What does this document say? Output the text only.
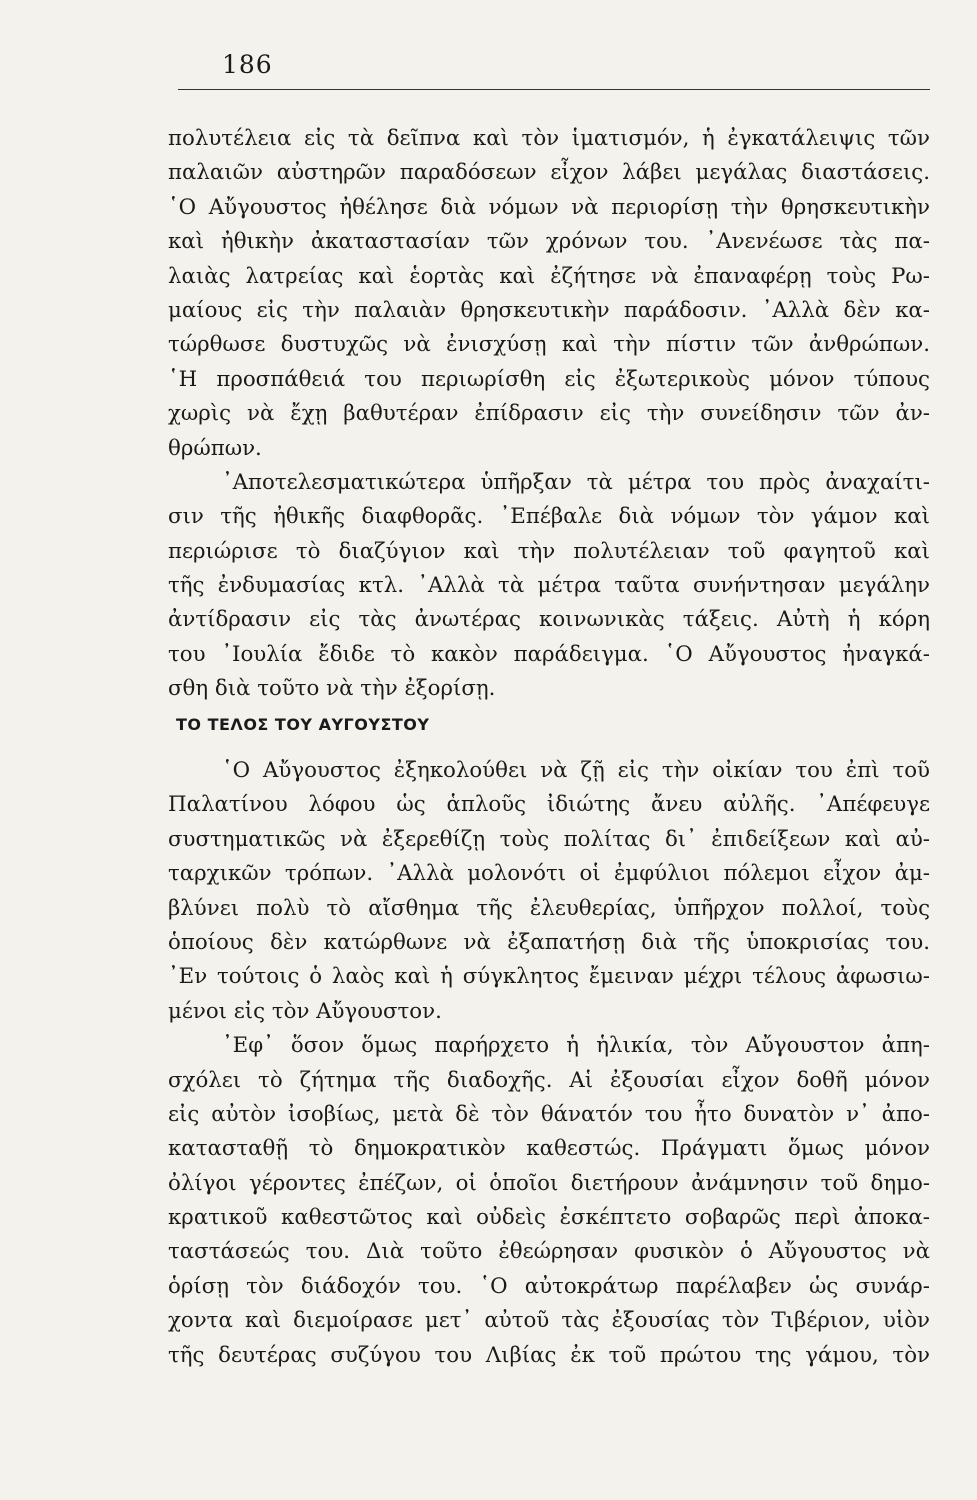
186
πολυτέλεια εἰς τὰ δεῖπνα καὶ τὸν ἱματισμόν, ἡ ἐγκατάλειψις τῶν
παλαιῶν αὐστηρῶν παραδόσεων εἶχον λάβει μεγάλας διαστάσεις.
῾Ο Αὔγουστος ἠθέλησε διὰ νόμων νὰ περιορίσῃ τὴν θρησκευτικὴν
καὶ ἠθικὴν ἀκαταστασίαν τῶν χρόνων του. ᾿Ανενέωσε τὰς πα-
λαιὰς λατρείας καὶ ἑορτὰς καὶ ἐζήτησε νὰ ἐπαναφέρῃ τοὺς Ρω-
μαίους εἰς τὴν παλαιὰν θρησκευτικὴν παράδοσιν. ᾿Αλλὰ δὲν κα-
τώρθωσε δυστυχῶς νὰ ἐνισχύσῃ καὶ τὴν πίστιν τῶν ἀνθρώπων.
῾Η προσπάθειά του περιωρίσθη εἰς ἐξωτερικοὺς μόνον τύπους
χωρὶς νὰ ἔχῃ βαθυτέραν ἐπίδρασιν εἰς τὴν συνείδησιν τῶν ἀν-
θρώπων.
᾿Αποτελεσματικώτερα ὑπῆρξαν τὰ μέτρα του πρὸς ἀναχαίτι-
σιν τῆς ἠθικῆς διαφθορᾶς. ᾿Επέβαλε διὰ νόμων τὸν γάμον καὶ
περιώρισε τὸ διαζύγιον καὶ τὴν πολυτέλειαν τοῦ φαγητοῦ καὶ
τῆς ἐνδυμασίας κτλ. ᾿Αλλὰ τὰ μέτρα ταῦτα συνήντησαν μεγάλην
ἀντίδρασιν εἰς τὰς ἀνωτέρας κοινωνικὰς τάξεις. Αὐτὴ ἡ κόρη
του ᾿Ιουλία ἔδιδε τὸ κακὸν παράδειγμα. ῾Ο Αὔγουστος ἠναγκά-
σθη διὰ τοῦτο νὰ τὴν ἐξορίσῃ.
ΤΟ ΤΕΛΟΣ ΤΟΥ ΑΥΓΟΥΣΤΟΥ
῾Ο Αὔγουστος ἐξηκολούθει νὰ ζῇ εἰς τὴν οἰκίαν του ἐπὶ τοῦ
Παλατίνου λόφου ὡς ἁπλοῦς ἰδιώτης ἄνευ αὐλῆς. ᾿Απέφευγε
συστηματικῶς νὰ ἐξερεθίζῃ τοὺς πολίτας δι᾿ ἐπιδείξεων καὶ αὐ-
ταρχικῶν τρόπων. ᾿Αλλὰ μολονότι οἱ ἐμφύλιοι πόλεμοι εἶχον ἀμ-
βλύνει πολὺ τὸ αἴσθημα τῆς ἐλευθερίας, ὑπῆρχον πολλοί, τοὺς
ὁποίους δὲν κατώρθωνε νὰ ἐξαπατήσῃ διὰ τῆς ὑποκρισίας του.
᾿Εν τούτοις ὁ λαὸς καὶ ἡ σύγκλητος ἔμειναν μέχρι τέλους ἀφωσιω-
μένοι εἰς τὸν Αὔγουστον.
᾿Εφ᾿ ὅσον ὅμως παρήρχετο ἡ ἡλικία, τὸν Αὔγουστον ἀπη-
σχόλει τὸ ζήτημα τῆς διαδοχῆς. Αἱ ἐξουσίαι εἶχον δοθῆ μόνον
εἰς αὐτὸν ἰσοβίως, μετὰ δὲ τὸν θάνατόν του ἦτο δυνατὸν ν᾿ ἀπο-
κατασταθῇ τὸ δημοκρατικὸν καθεστώς. Πράγματι ὅμως μόνον
ὀλίγοι γέροντες ἐπέζων, οἱ ὁποῖοι διετήρουν ἀνάμνησιν τοῦ δημο-
κρατικοῦ καθεστῶτος καὶ οὐδεὶς ἐσκέπτετο σοβαρῶς περὶ ἀποκα-
ταστάσεώς του. Διὰ τοῦτο ἐθεώρησαν φυσικὸν ὁ Αὔγουστος νὰ
ὁρίσῃ τὸν διάδοχόν του. ῾Ο αὐτοκράτωρ παρέλαβεν ὡς συνάρ-
χοντα καὶ διεμοίρασε μετ᾿ αὐτοῦ τὰς ἐξουσίας τὸν Τιβέριον, υἱὸν
τῆς δευτέρας συζύγου του Λιβίας ἐκ τοῦ πρώτου της γάμου, τὸν
